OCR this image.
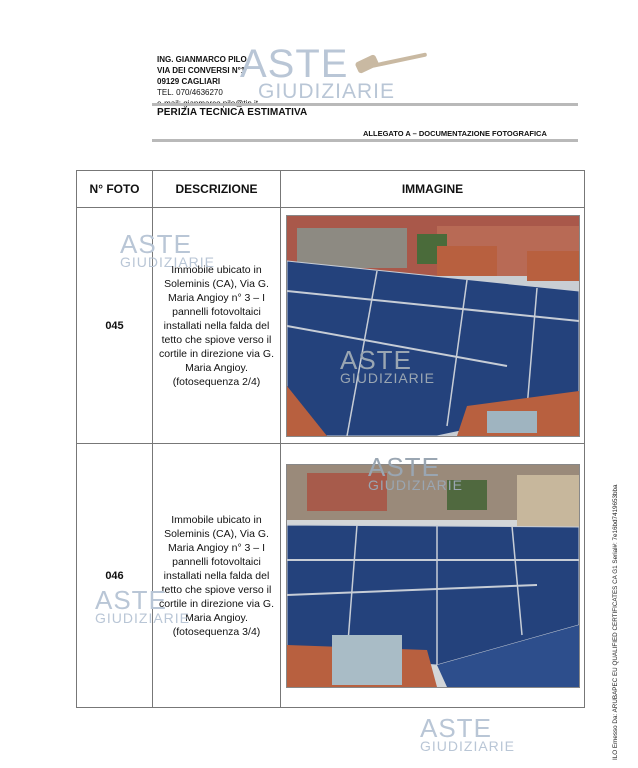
ING. GIANMARCO PILO
VIA DEI CONVERSI N°1
09129 CAGLIARI
TEL. 070/4636270
ASTE
GIUDIZIARIE
PERIZIA TECNICA ESTIMATIVA
ALLEGATO A – DOCUMENTAZIONE FOTOGRAFICA
N° FOTO	DESCRIZIONE	IMMAGINE
045	Immobile ubicato in Soleminis (CA), Via G. Maria Angioy n° 3 – I pannelli fotovoltaici installati nella falda del tetto che spiove verso il cortile in direzione via G. Maria Angioy. (fotosequenza 2/4)	

046	Immobile ubicato in Soleminis (CA), Via G. Maria Angioy n° 3 – I pannelli fotovoltaici installati nella falda del tetto che spiove verso il cortile in direzione via G. Maria Angioy. (fotosequenza 3/4)	
ASTE
GIUDIZIARIE
ASTE
GIUDIZIARIE
ASTE
GIUDIZIARIE
ASTE
GIUDIZIARIE
ASTE
GIUDIZIARIE	ILO Emesso Da: ARUBAPEC EU QUALIFIED CERTIFICATES CA G1 Serial#: 7e16bd7419653bba
